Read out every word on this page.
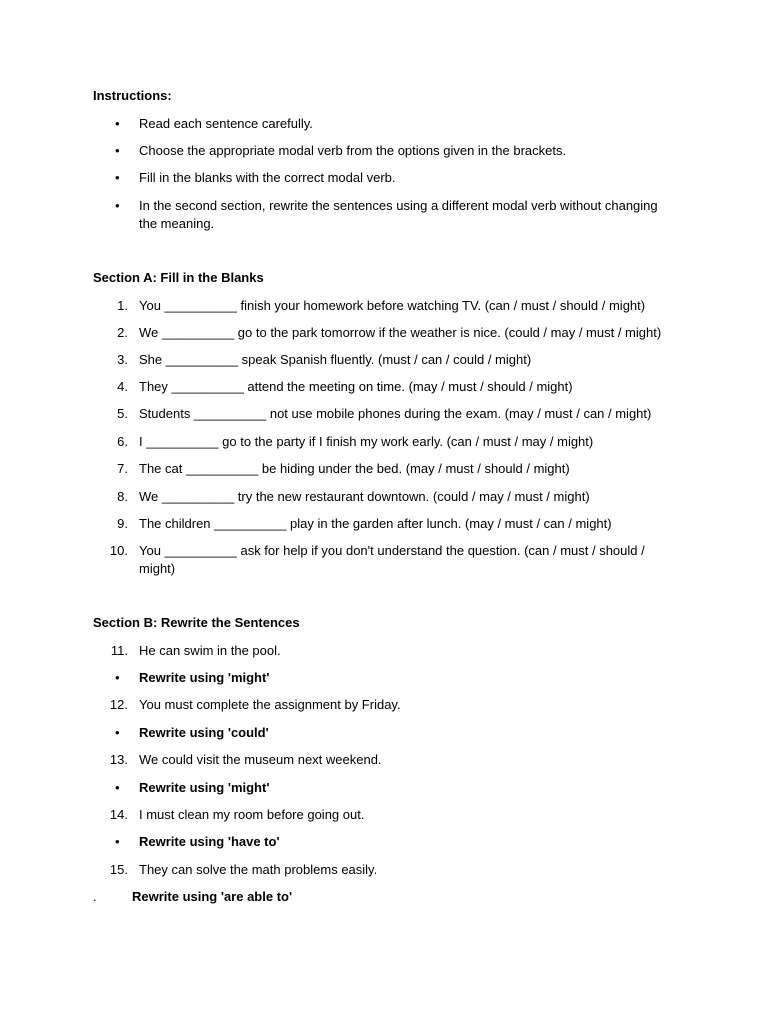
Instructions:
•	Read each sentence carefully.
•	Choose the appropriate modal verb from the options given in the brackets.
•	Fill in the blanks with the correct modal verb.
•	In the second section, rewrite the sentences using a different modal verb without changing the meaning.
Section A: Fill in the Blanks
1. You __________ finish your homework before watching TV. (can / must / should / might)
2. We __________ go to the park tomorrow if the weather is nice. (could / may / must / might)
3. She __________ speak Spanish fluently. (must / can / could / might)
4. They __________ attend the meeting on time. (may / must / should / might)
5. Students __________ not use mobile phones during the exam. (may / must / can / might)
6. I __________ go to the party if I finish my work early. (can / must / may / might)
7. The cat __________ be hiding under the bed. (may / must / should / might)
8. We __________ try the new restaurant downtown. (could / may / must / might)
9. The children __________ play in the garden after lunch. (may / must / can / might)
10. You __________ ask for help if you don't understand the question. (can / must / should / might)
Section B: Rewrite the Sentences
11. He can swim in the pool.
•	Rewrite using 'might'
12. You must complete the assignment by Friday.
•	Rewrite using 'could'
13. We could visit the museum next weekend.
•	Rewrite using 'might'
14. I must clean my room before going out.
•	Rewrite using 'have to'
15. They can solve the math problems easily.
.	Rewrite using 'are able to'
